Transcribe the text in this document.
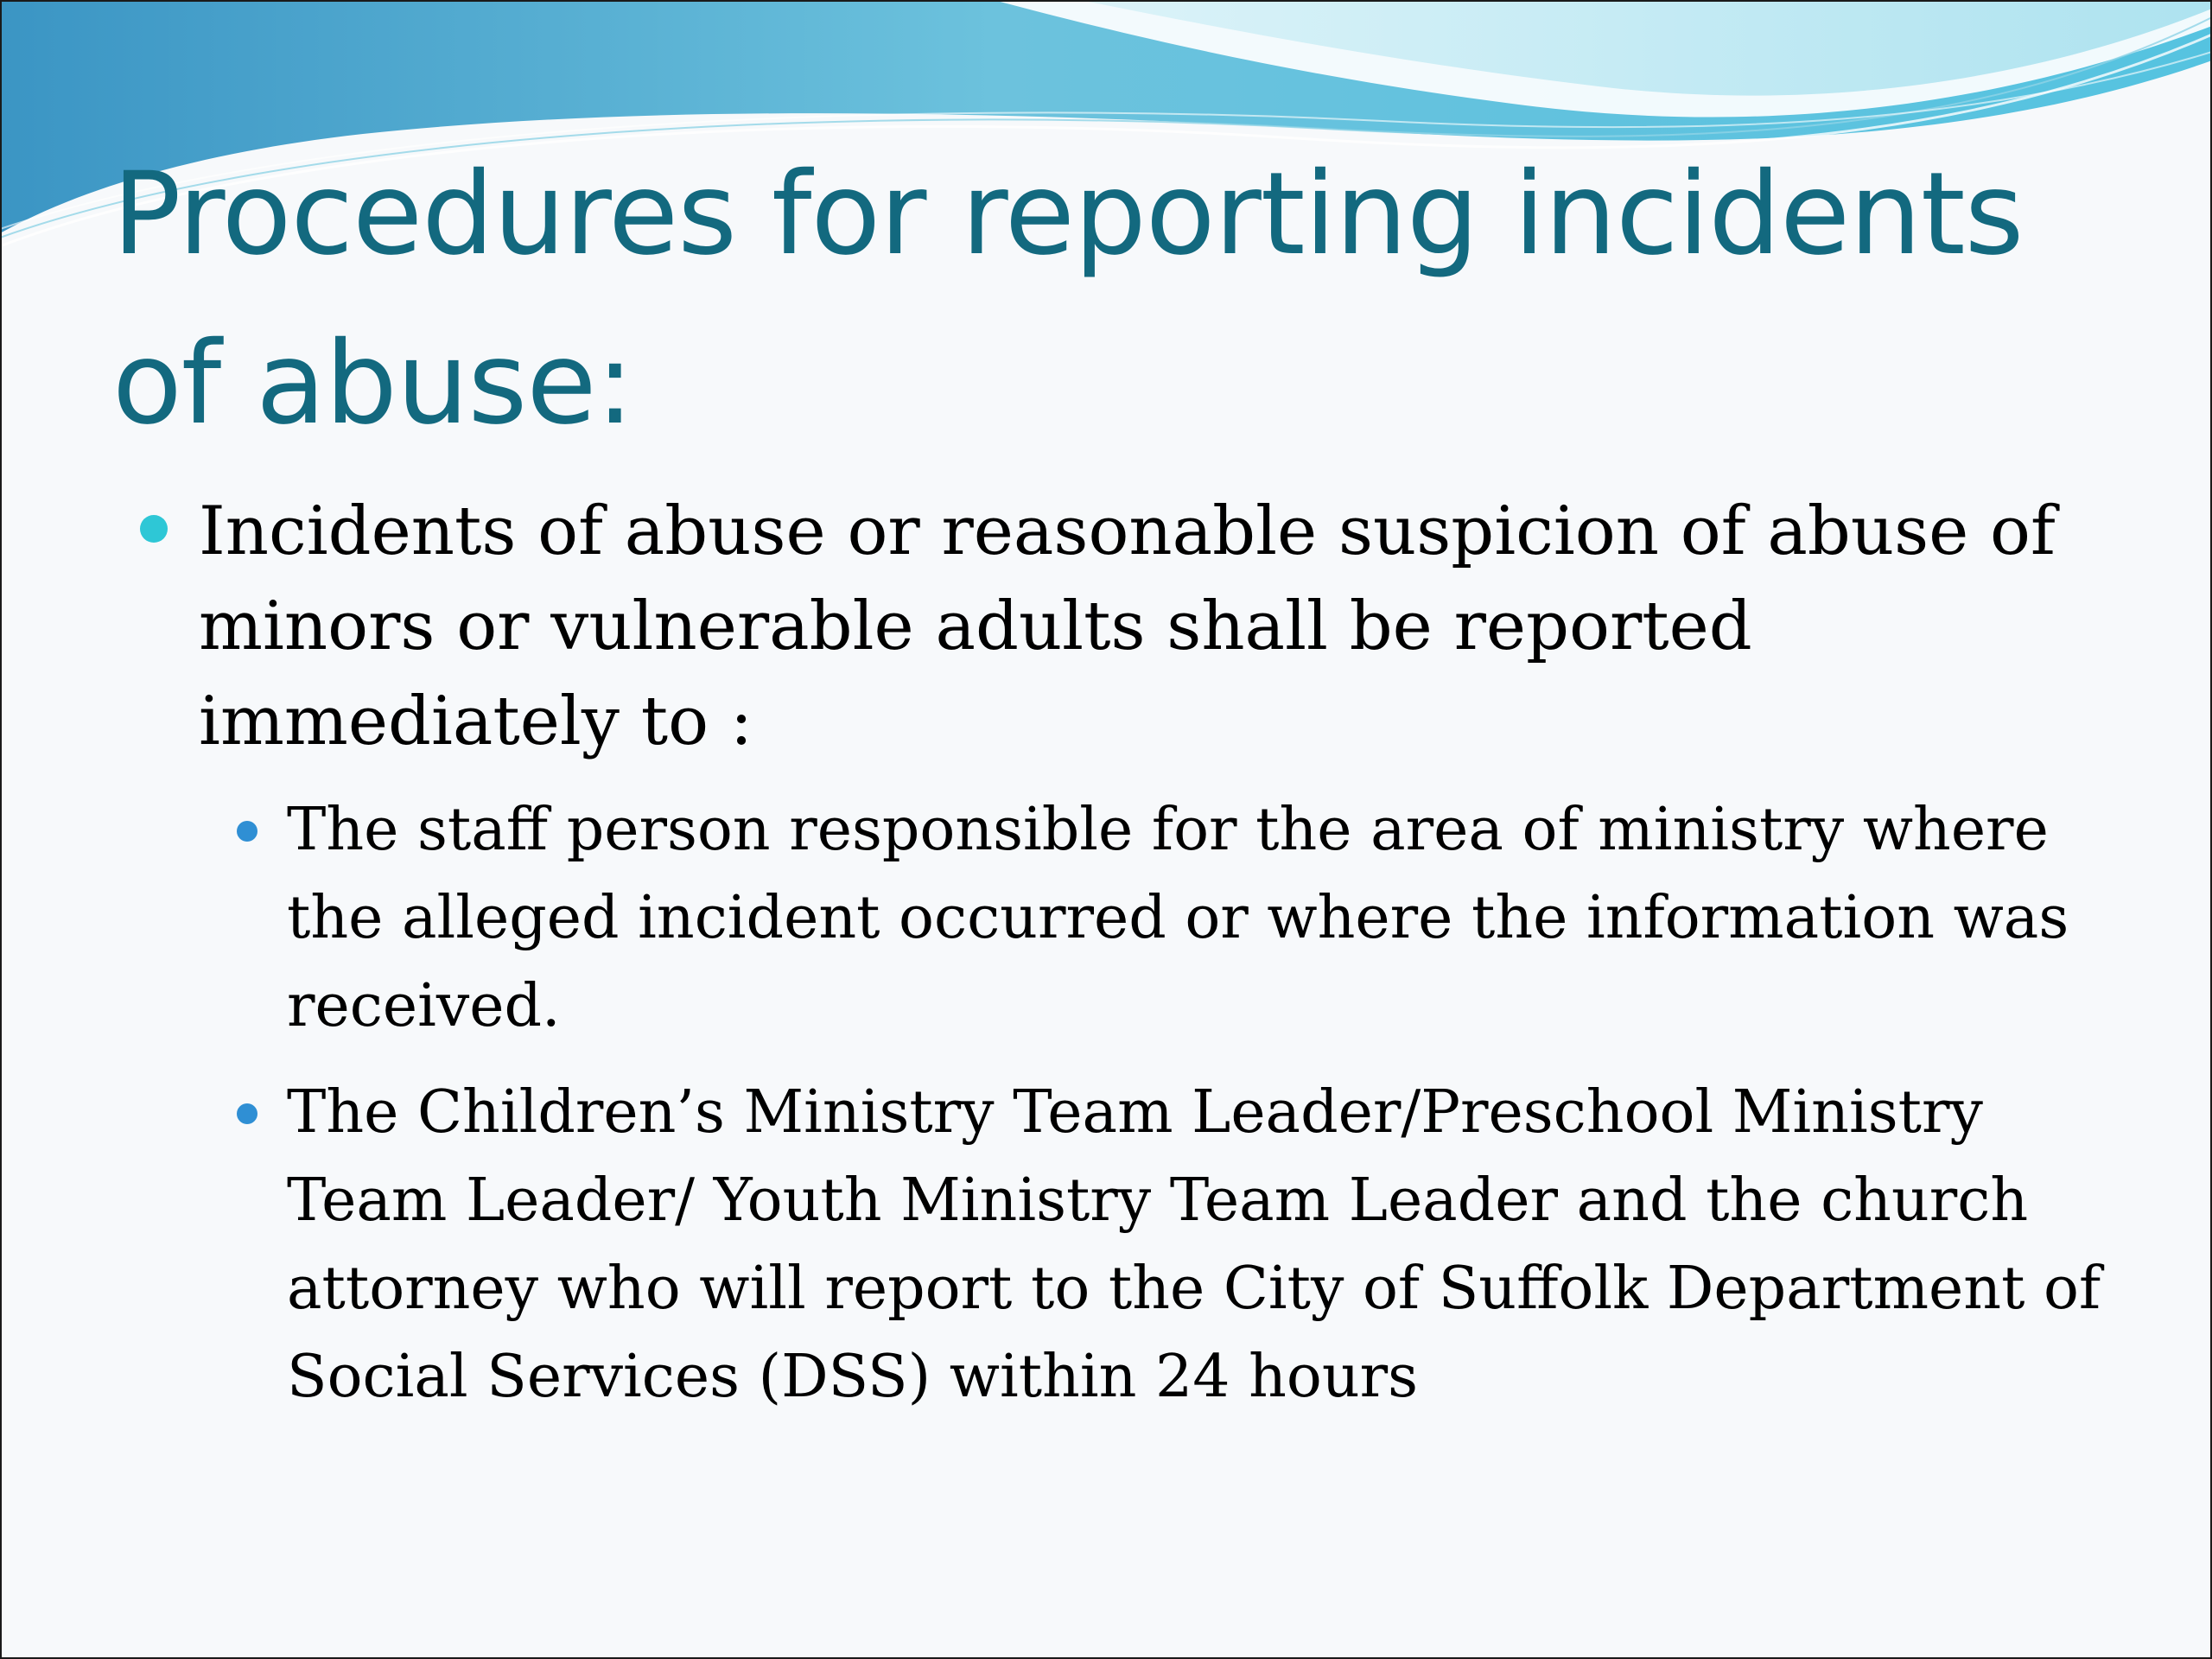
Procedures for reporting incidents of abuse:
Incidents of abuse or reasonable suspicion of abuse of minors or vulnerable adults shall be reported immediately to :
The staff person responsible for the area of ministry where the alleged incident occurred or where the information was received.
The Children’s Ministry Team Leader/Preschool Ministry Team Leader/ Youth Ministry Team Leader and the church attorney who will report to the City of Suffolk Department of Social Services (DSS) within 24 hours
